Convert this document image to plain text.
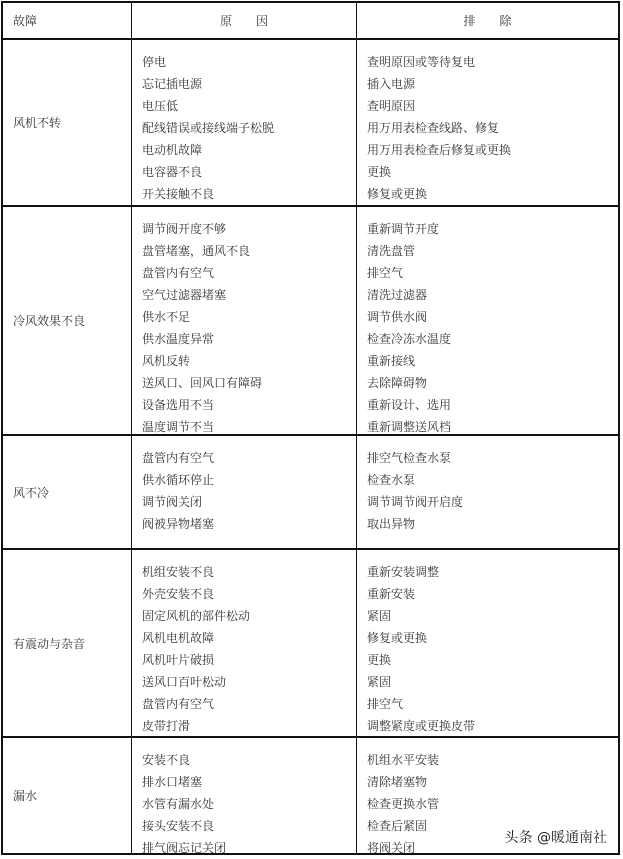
故障	原因	排除
风机不转
停电
忘记插电源
电压低
配线错误或接线端子松脱
电动机故障
电容器不良
开关接触不良
查明原因或等待复电
插入电源
查明原因
用万用表检查线路、修复
用万用表检查后修复或更换
更换
修复或更换
冷风效果不良
调节阀开度不够
盘管堵塞，通风不良
盘管内有空气
空气过滤器堵塞
供水不足
供水温度异常
风机反转
送风口、回风口有障碍
设备选用不当
温度调节不当
重新调节开度
清洗盘管
排空气
清洗过滤器
调节供水阀
检查冷冻水温度
重新接线
去除障碍物
重新设计、选用
重新调整送风档
风不冷
盘管内有空气
供水循环停止
调节阀关闭
阀被异物堵塞
排空气检查水泵
检查水泵
调节调节阀开启度
取出异物
有震动与杂音
机组安装不良
外壳安装不良
固定风机的部件松动
风机电机故障
风机叶片破损
送风口百叶松动
盘管内有空气
皮带打滑
重新安装调整
重新安装
紧固
修复或更换
更换
紧固
排空气
调整紧度或更换皮带
漏水
安装不良
排水口堵塞
水管有漏水处
接头安装不良
排气阀忘记关闭
机组水平安装
清除堵塞物
检查更换水管
检查后紧固
将阀关闭
头条 @暖通南社
